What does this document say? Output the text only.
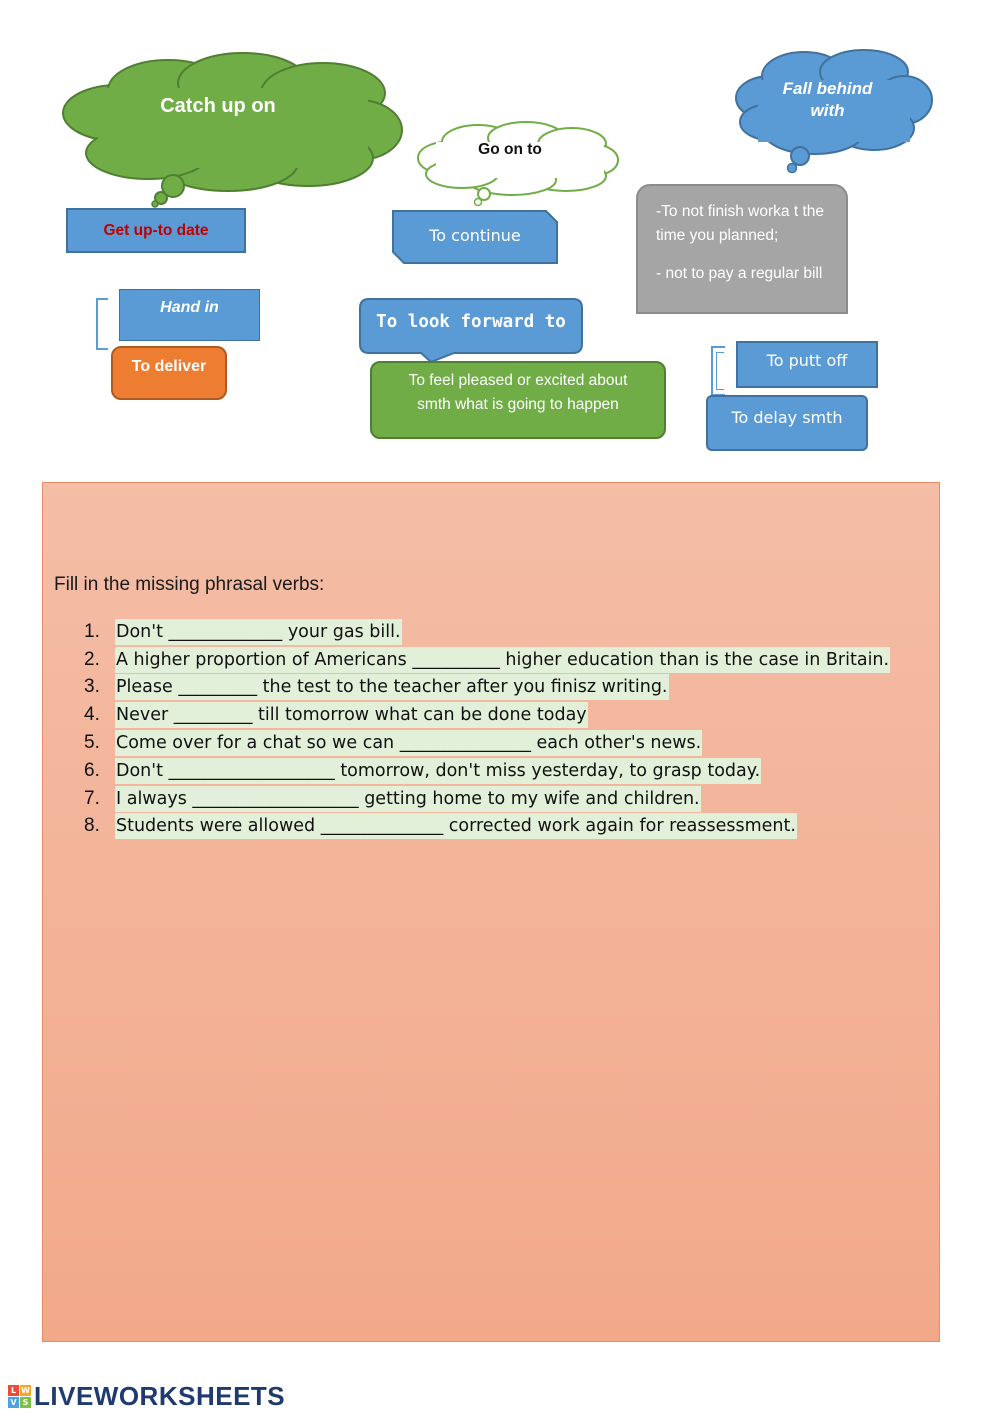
Catch up on
Go on to
Fall behind with
Get up-to date	To continue

-To not finish worka t the time you planned;

- not to pay a regular bill

Hand in
To deliver
To look forward to
To feel pleased or excited about smth what is going to happen
To putt off
To delay smth
Fill in the missing phrasal verbs:
1. Don't _____________ your gas bill.
2. A higher proportion of Americans __________ higher education than is the case in Britain.
3. Please _________ the test to the teacher after you finisz writing.
4. Never _________ till tomorrow what can be done today
5. Come over for a chat so we can _______________ each other's news.
6. Don't ___________________ tomorrow, don't miss yesterday, to grasp today.
7. I always ___________________ getting home to my wife and children.
8. Students were allowed ______________ corrected work again for reassessment.
L W
V S LIVEWORKSHEETS
